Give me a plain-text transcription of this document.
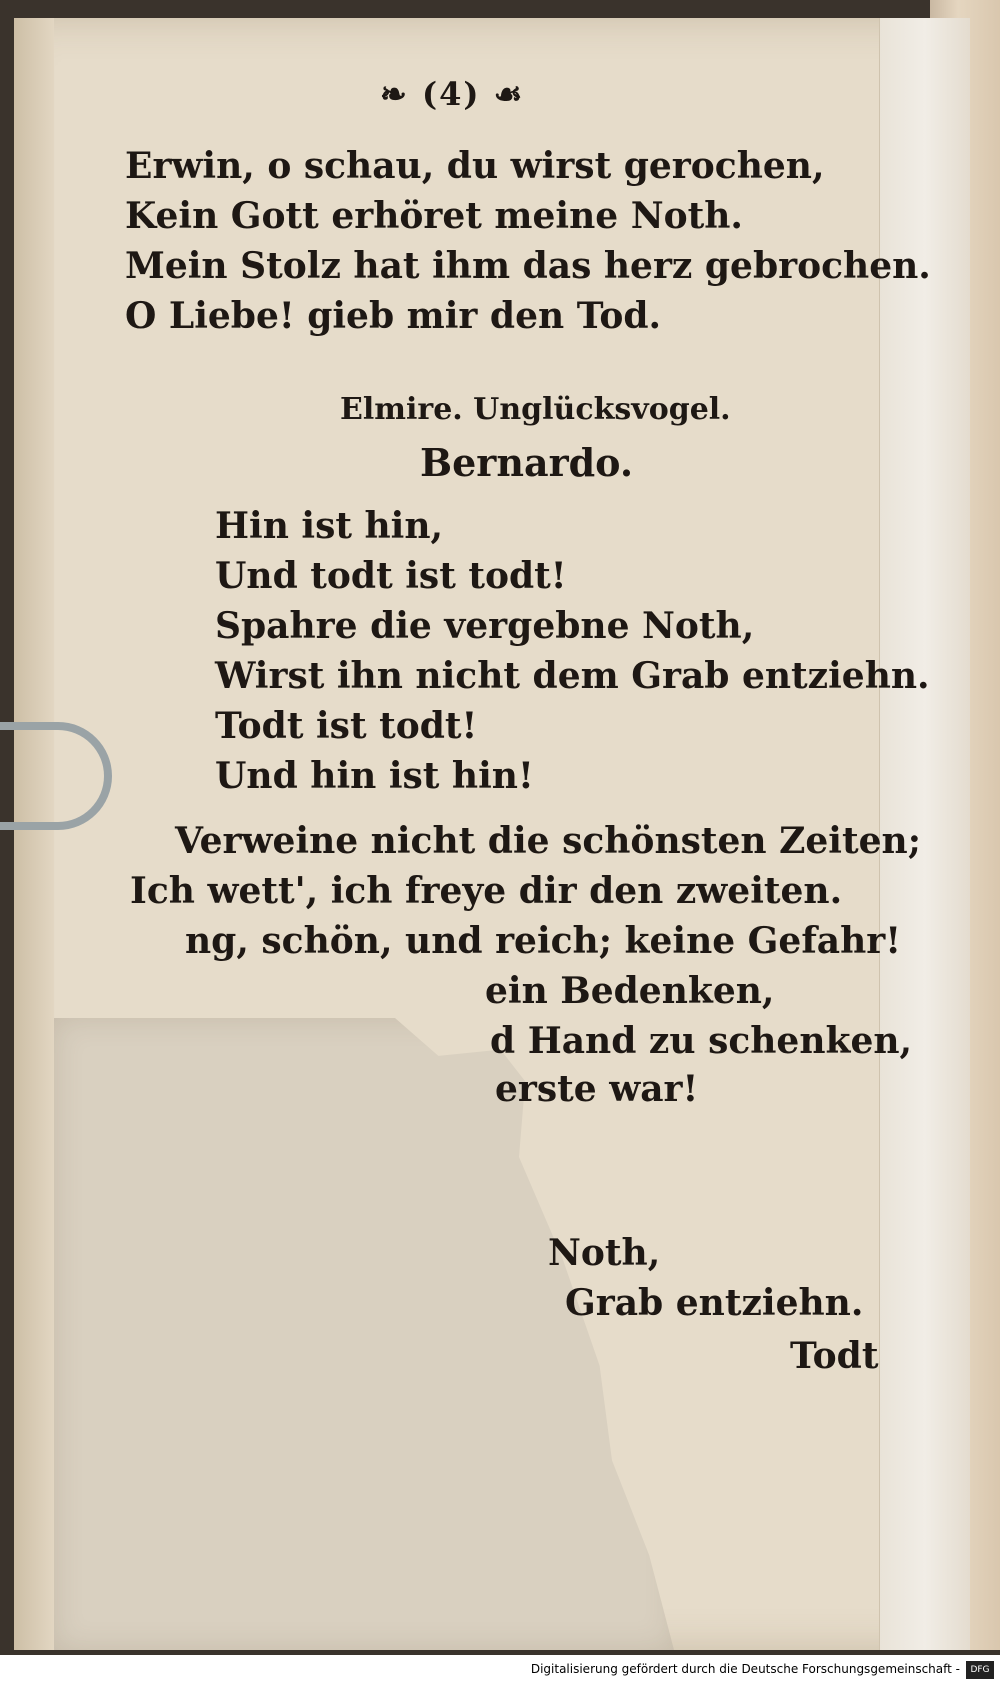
❧ (4) ☙
Erwin, o schau, du wirst gerochen,
Kein Gott erhöret meine Noth.
Mein Stolz hat ihm das herz gebrochen.
O Liebe! gieb mir den Tod.
Elmire. Unglücksvogel.
Bernardo.
Hin ist hin,
Und todt ist todt!
Spahre die vergebne Noth,
Wirst ihn nicht dem Grab entziehn.
Todt ist todt!
Und hin ist hin!
Verweine nicht die schönsten Zeiten;
Ich wett', ich freye dir den zweiten.
ng, schön, und reich; keine Gefahr!
ein Bedenken,
d Hand zu schenken,
erste war!
Noth,
Grab entziehn.
Todt
Digitalisierung gefördert durch die Deutsche Forschungsgemeinschaft -	DFG
